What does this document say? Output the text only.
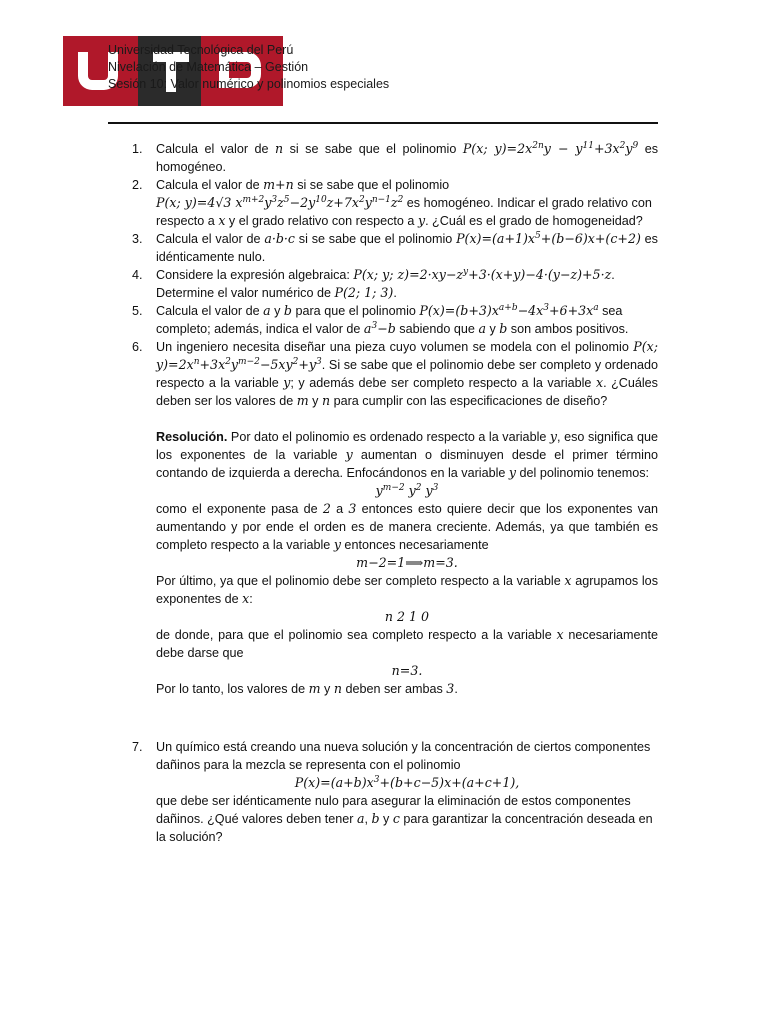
Universidad Tecnológica del Perú
Nivelación de Matemática – Gestión
Sesión 10: Valor numérico y polinomios especiales
1. Calcula el valor de n si se sabe que el polinomio P(x; $y)=2x^{2n}y - y^{11}+3x^2y^9$ es homogéneo.
2. Calcula el valor de m+n si se sabe que el polinomio
P(x; y)=4√3 $x^{m+2}y^3z^5-2y^{10}z+7x^2y^{n-1}z^2$ es homogéneo. Indicar el grado relativo con respecto a x y el grado relativo con respecto a y. ¿Cuál es el grado de homogeneidad?
3. Calcula el valor de a·b·c si se sabe que el polinomio $P(x)=(a+1)x^5+(b-6)x+(c+2)$ es idénticamente nulo.
4. Considere la expresión algebraica: P(x; y; $z)=2\cdot xy-z^y+3\cdot(x+y)-4\cdot(y-z)+5\cdot z$. Determine el valor numérico de P(2; 1; 3).
5. Calcula el valor de a y b para que el polinomio $P(x)=(b+3)x^{a+b}-4x^3+6+3x^a$ sea completo; además, indica el valor de $a^3-b$ sabiendo que a y b son ambos positivos.
6. Un ingeniero necesita diseñar una pieza cuyo volumen se modela con el polinomio P(x; $y)=2x^n+3x^2y^{m-2}-5xy^2+y^3$. Si se sabe que el polinomio debe ser completo y ordenado respecto a la variable y; y además debe ser completo respecto a la variable x. ¿Cuáles deben ser los valores de m y n para cumplir con las especificaciones de diseño?
Resolución. Por dato el polinomio es ordenado respecto a la variable y, eso significa que los exponentes de la variable y aumentan o disminuyen desde el primer término contando de izquierda a derecha. Enfocándonos en la variable y del polinomio tenemos:
$y^{m-2}$ $y^2$ $y^3$
como el exponente pasa de 2 a 3 entonces esto quiere decir que los exponentes van aumentando y por ende el orden es de manera creciente. Además, ya que también es completo respecto a la variable y entonces necesariamente
m−2=1⟹m=3.
Por último, ya que el polinomio debe ser completo respecto a la variable x agrupamos los exponentes de x:
n 2 1 0
de donde, para que el polinomio sea completo respecto a la variable x necesariamente debe darse que
n=3.
Por lo tanto, los valores de m y n deben ser ambas 3.
7. Un químico está creando una nueva solución y la concentración de ciertos componentes dañinos para la mezcla se representa con el polinomio
$P(x)=(a+b)x^3+(b+c-5)x+(a+c+1)$,
que debe ser idénticamente nulo para asegurar la eliminación de estos componentes dañinos. ¿Qué valores deben tener a, b y c para garantizar la concentración deseada en la solución?
